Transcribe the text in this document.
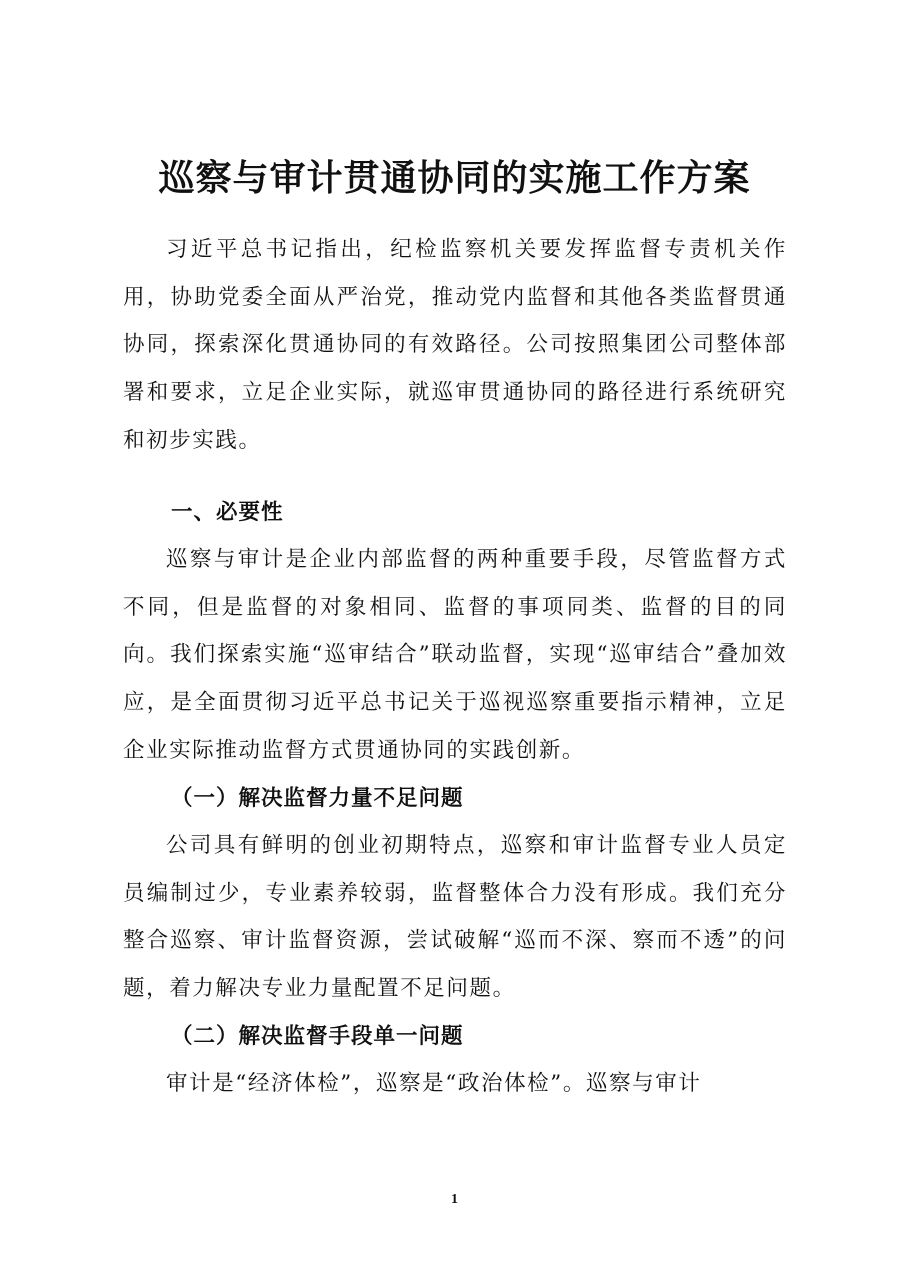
巡察与审计贯通协同的实施工作方案

习近平总书记指出，纪检监察机关要发挥监督专责机关作用，协助党委全面从严治党，推动党内监督和其他各类监督贯通协同，探索深化贯通协同的有效路径。公司按照集团公司整体部署和要求，立足企业实际，就巡审贯通协同的路径进行系统研究和初步实践。

一、必要性

巡察与审计是企业内部监督的两种重要手段，尽管监督方式不同，但是监督的对象相同、监督的事项同类、监督的目的同向。我们探索实施“巡审结合”联动监督，实现“巡审结合”叠加效应，是全面贯彻习近平总书记关于巡视巡察重要指示精神，立足企业实际推动监督方式贯通协同的实践创新。

（一）解决监督力量不足问题

公司具有鲜明的创业初期特点，巡察和审计监督专业人员定员编制过少，专业素养较弱，监督整体合力没有形成。我们充分整合巡察、审计监督资源，尝试破解“巡而不深、察而不透”的问题，着力解决专业力量配置不足问题。

（二）解决监督手段单一问题

审计是“经济体检”，巡察是“政治体检”。巡察与审计

1
